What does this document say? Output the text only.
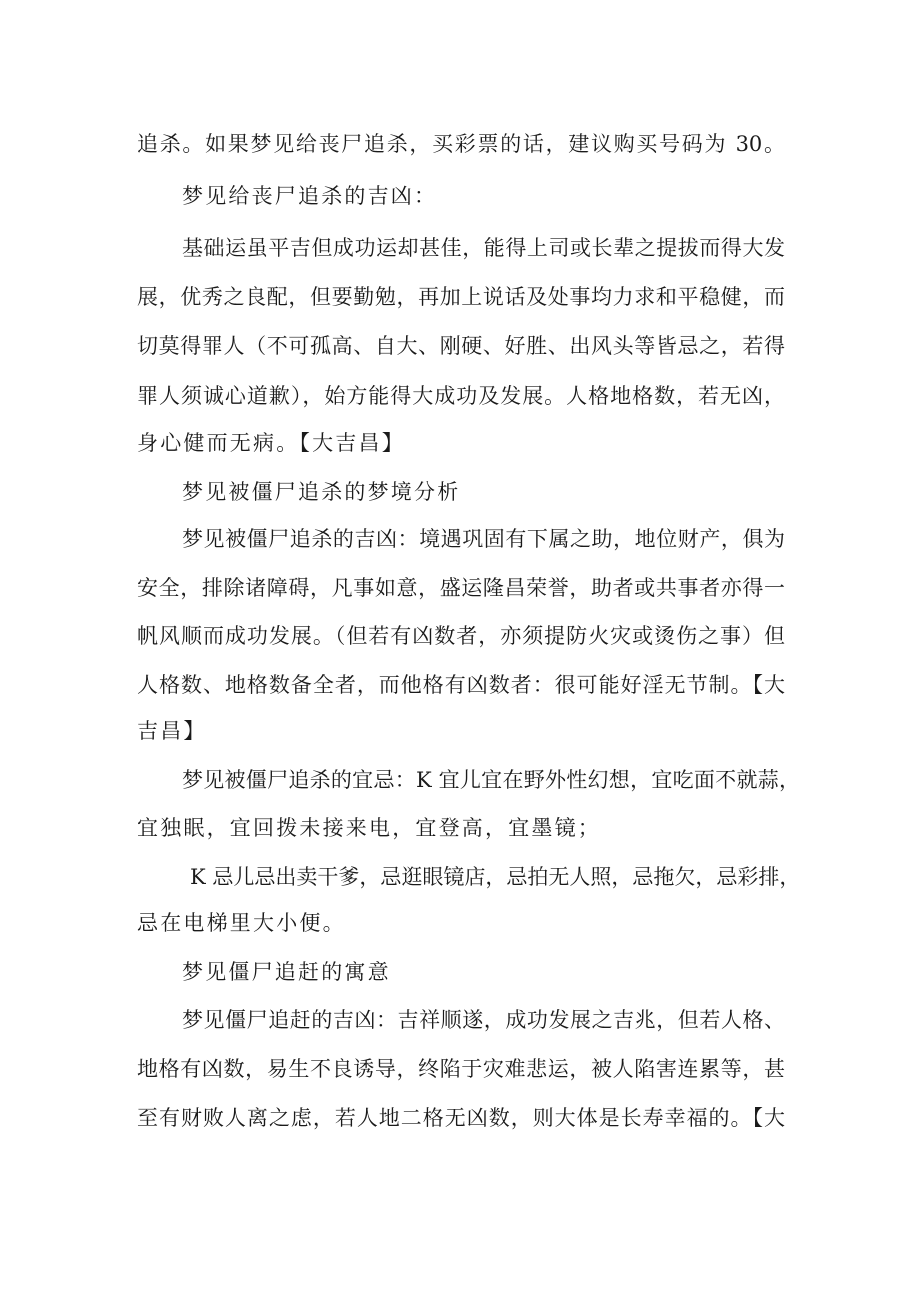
追杀。如果梦见给丧尸追杀，买彩票的话，建议购买号码为 30。
梦见给丧尸追杀的吉凶：
基础运虽平吉但成功运却甚佳，能得上司或长辈之提拔而得大发
展，优秀之良配，但要勤勉，再加上说话及处事均力求和平稳健，而
切莫得罪人（不可孤高、自大、刚硬、好胜、出风头等皆忌之，若得
罪人须诚心道歉），始方能得大成功及发展。人格地格数，若无凶，
身心健而无病。【大吉昌】
梦见被僵尸追杀的梦境分析
梦见被僵尸追杀的吉凶：境遇巩固有下属之助，地位财产，俱为
安全，排除诸障碍，凡事如意，盛运隆昌荣誉，助者或共事者亦得一
帆风顺而成功发展。（但若有凶数者，亦须提防火灾或烫伤之事）但
人格数、地格数备全者，而他格有凶数者：很可能好淫无节制。【大
吉昌】
梦见被僵尸追杀的宜忌：K 宜儿宜在野外性幻想，宜吃面不就蒜，
宜独眠，宜回拨未接来电，宜登高，宜墨镜；
K 忌儿忌出卖干爹，忌逛眼镜店，忌拍无人照，忌拖欠，忌彩排，
忌在电梯里大小便。
梦见僵尸追赶的寓意
梦见僵尸追赶的吉凶：吉祥顺遂，成功发展之吉兆，但若人格、
地格有凶数，易生不良诱导，终陷于灾难悲运，被人陷害连累等，甚
至有财败人离之虑，若人地二格无凶数，则大体是长寿幸福的。【大
